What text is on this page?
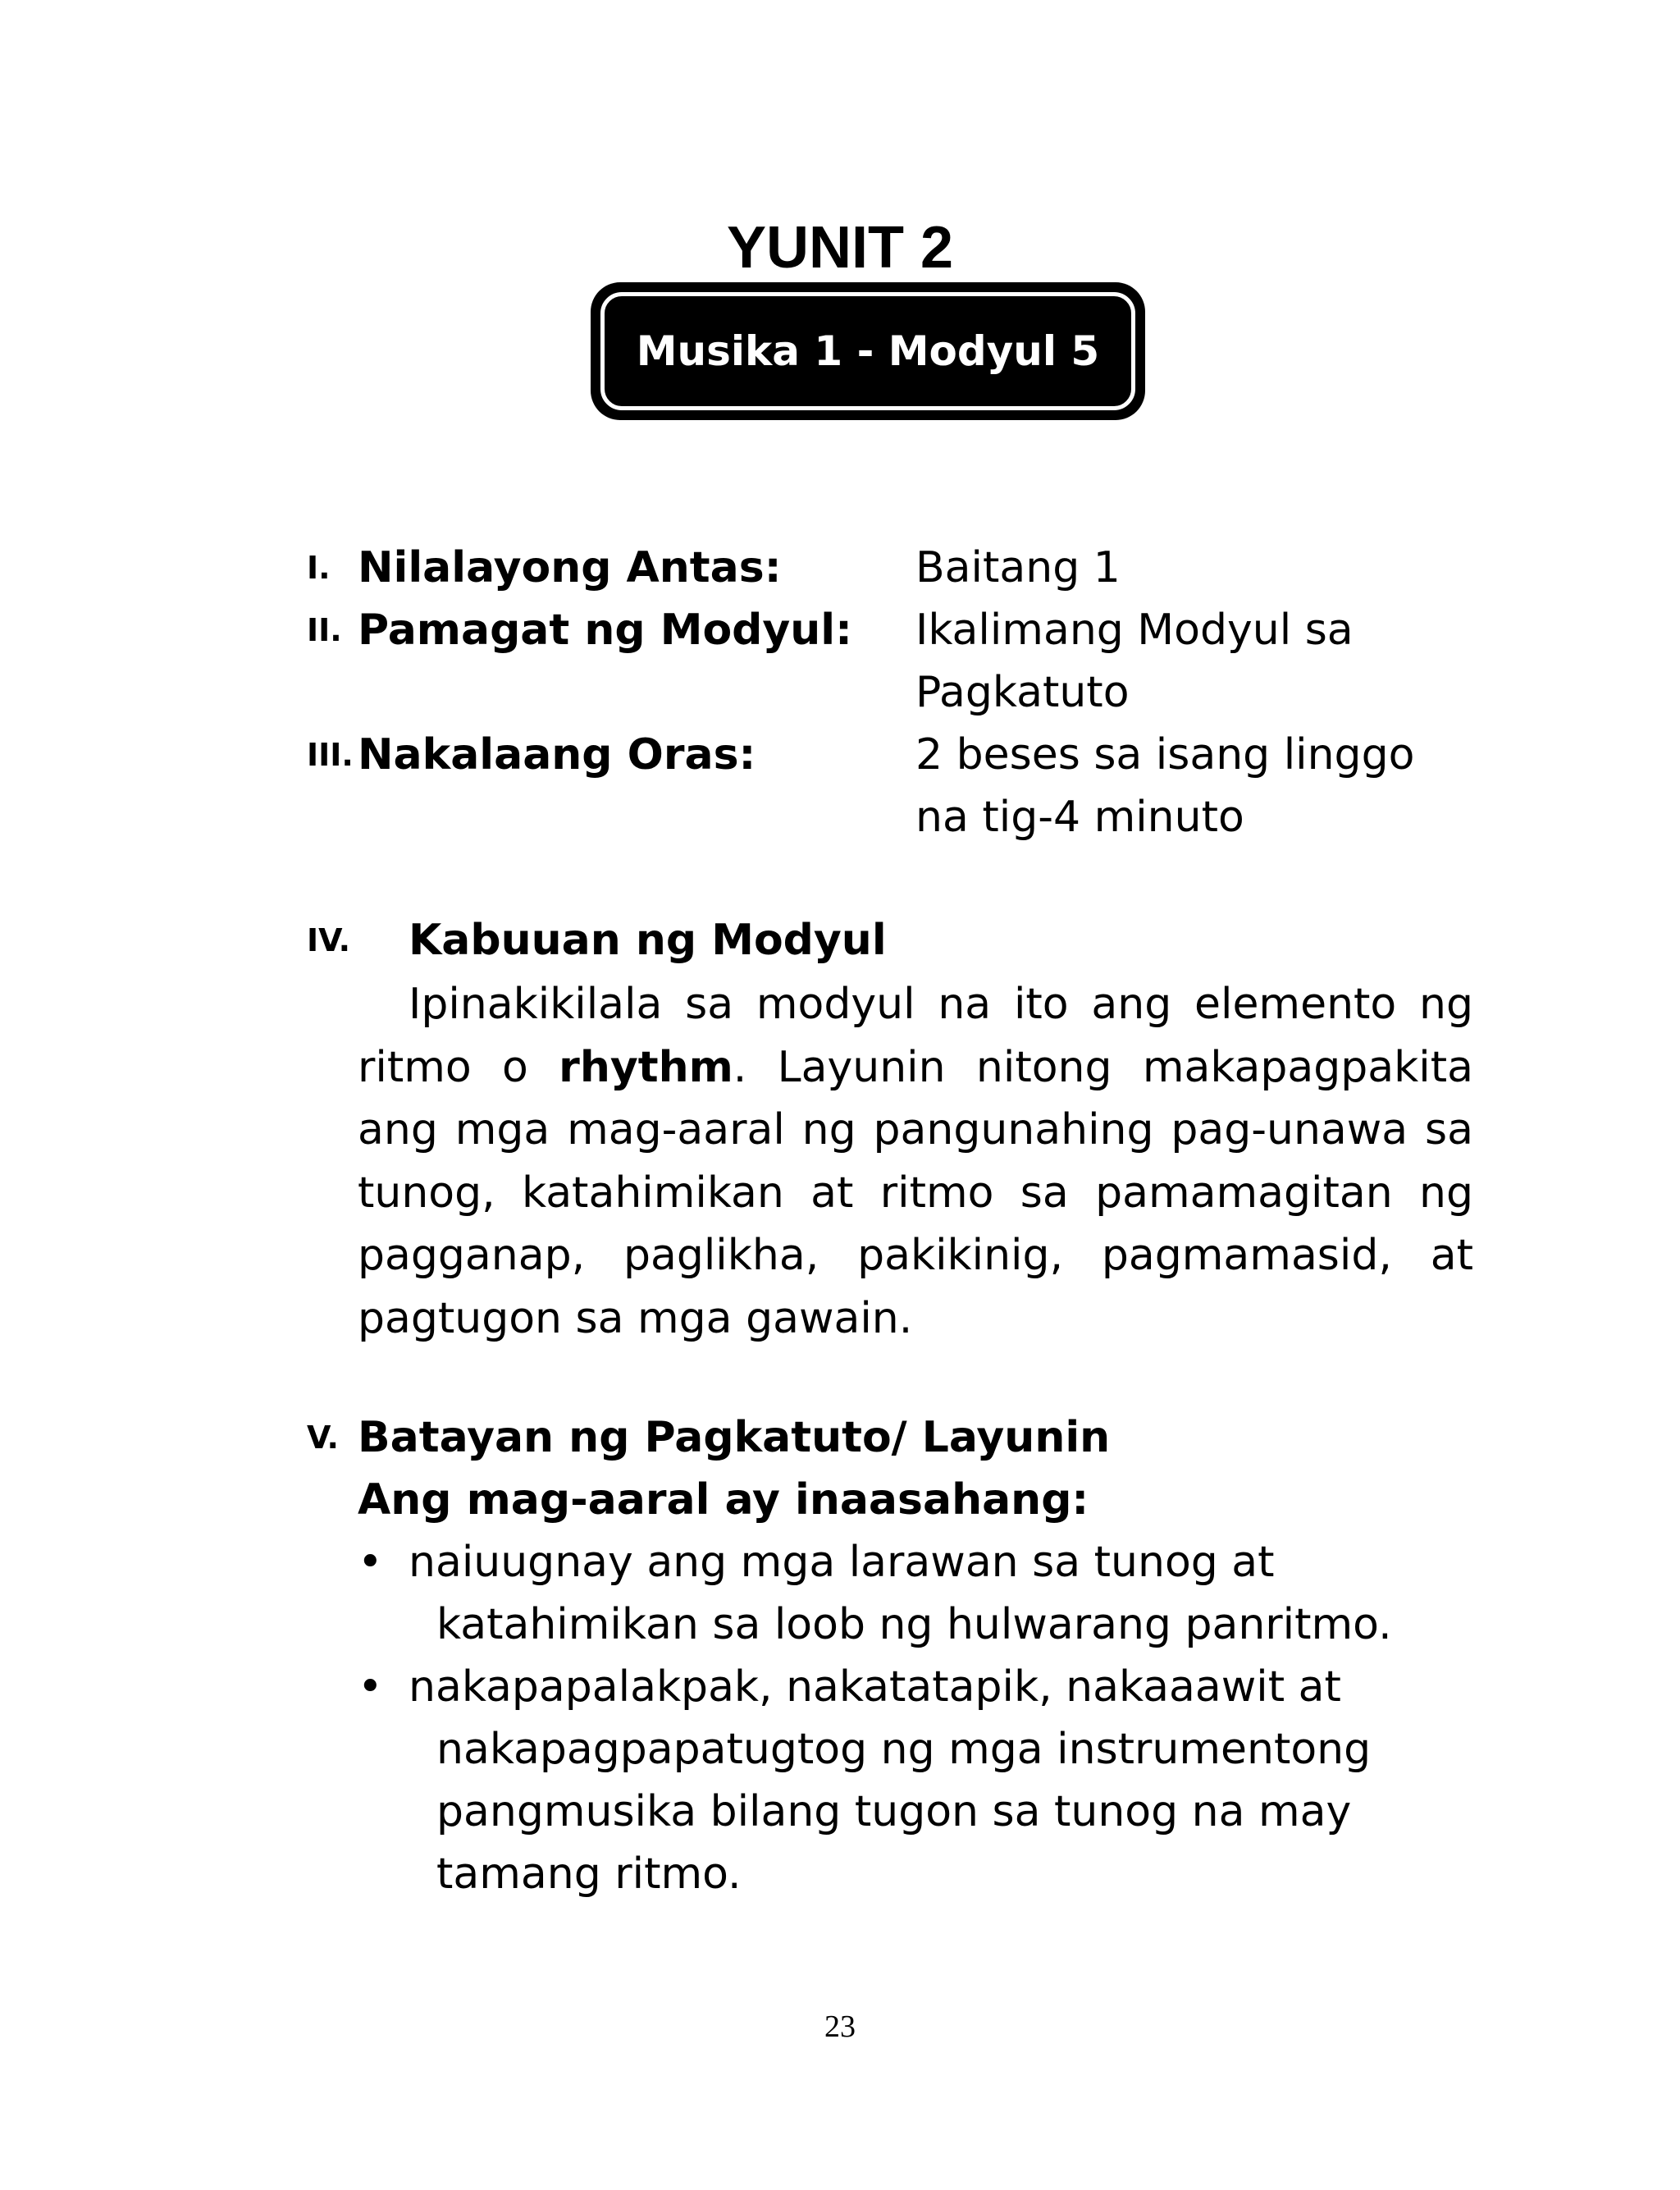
YUNIT 2
Musika 1 - Modyul 5
I. Nilalayong Antas:	Baitang 1
II. Pamagat ng Modyul: Ikalimang Modyul sa
Pagkatuto
III. Nakalaang Oras:	2 beses sa isang linggo
na tig-4 minuto
IV. Kabuuan ng Modyul

Ipinakikilala sa modyul na ito ang elemento ng ritmo o rhythm. Layunin nitong makapagpakita ang mga mag-aaral ng pangunahing pag-unawa sa tunog, katahimikan at ritmo sa pamamagitan ng pagganap, paglikha, pakikinig, pagmamasid, at pagtugon sa mga gawain.

V. Batayan ng Pagkatuto/ Layunin
Ang mag-aaral ay inaasahang:
• naiuugnay ang mga larawan sa tunog at
katahimikan sa loob ng hulwarang panritmo.
• nakapapalakpak, nakatatapik, nakaaawit at
nakapagpapatugtog ng mga instrumentong
pangmusika bilang tugon sa tunog na may
tamang ritmo.
23
